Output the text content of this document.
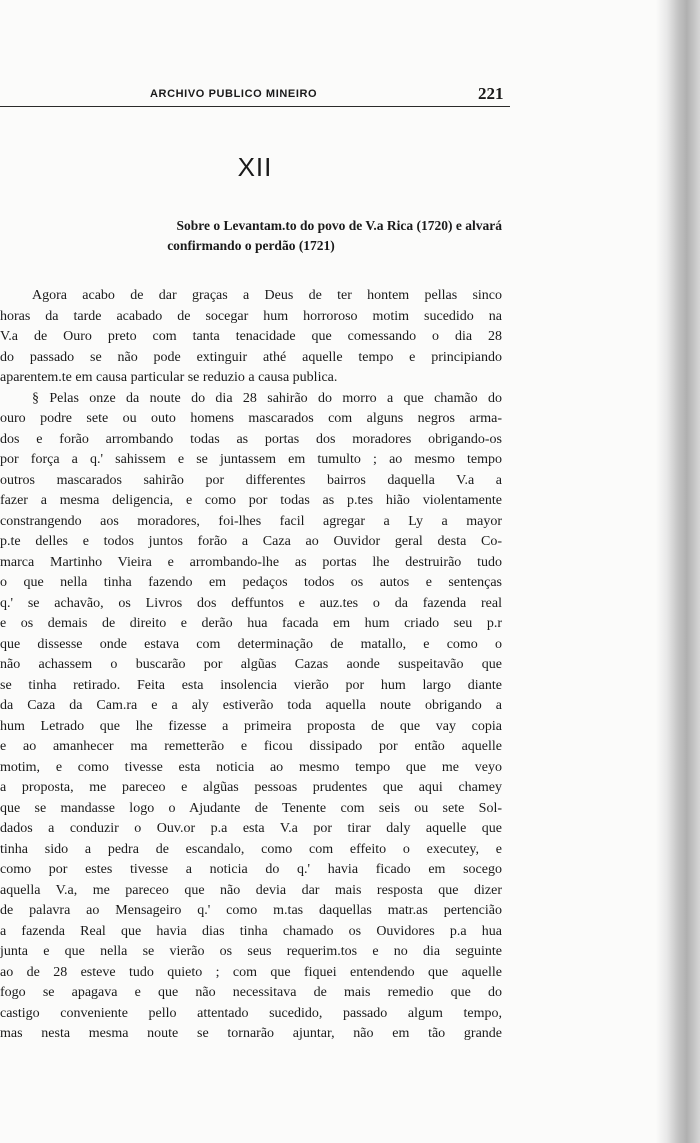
ARCHIVO PUBLICO MINEIRO	221
XII
Sobre o Levantam.to do povo de V.a Rica (1720) e alvará
confirmando o perdão (1721)
Agora acabo de dar graças a Deus de ter hontem pellas sinco
horas da tarde acabado de socegar hum horroroso motim sucedido na
V.a de Ouro preto com tanta tenacidade que comessando o dia 28
do passado se não pode extinguir athé aquelle tempo e principiando
aparentem.te em causa particular se reduzio a causa publica.
§ Pelas onze da noute do dia 28 sahirão do morro a que chamão do
ouro podre sete ou outo homens mascarados com alguns negros arma-
dos e forão arrombando todas as portas dos moradores obrigando-os
por força a q.' sahissem e se juntassem em tumulto ; ao mesmo tempo
outros mascarados sahirão por differentes bairros daquella V.a a
fazer a mesma deligencia, e como por todas as p.tes hião violentamente
constrangendo aos moradores, foi-lhes facil agregar a Ly a mayor
p.te delles e todos juntos forão a Caza ao Ouvidor geral desta Co-
marca Martinho Vieira e arrombando-lhe as portas lhe destruirão tudo
o que nella tinha fazendo em pedaços todos os autos e sentenças
q.' se achavão, os Livros dos deffuntos e auz.tes o da fazenda real
e os demais de direito e derão hua facada em hum criado seu p.r
que dissesse onde estava com determinação de matallo, e como o
não achassem o buscarão por algũas Cazas aonde suspeitavão que
se tinha retirado. Feita esta insolencia vierão por hum largo diante
da Caza da Cam.ra e a aly estiverão toda aquella noute obrigando a
hum Letrado que lhe fizesse a primeira proposta de que vay copia
e ao amanhecer ma remetterão e ficou dissipado por então aquelle
motim, e como tivesse esta noticia ao mesmo tempo que me veyo
a proposta, me pareceo e algũas pessoas prudentes que aqui chamey
que se mandasse logo o Ajudante de Tenente com seis ou sete Sol-
dados a conduzir o Ouv.or p.a esta V.a por tirar daly aquelle que
tinha sido a pedra de escandalo, como com effeito o executey, e
como por estes tivesse a noticia do q.' havia ficado em socego
aquella V.a, me pareceo que não devia dar mais resposta que dizer
de palavra ao Mensageiro q.' como m.tas daquellas matr.as pertencião
a fazenda Real que havia dias tinha chamado os Ouvidores p.a hua
junta e que nella se vierão os seus requerim.tos e no dia seguinte
ao de 28 esteve tudo quieto ; com que fiquei entendendo que aquelle
fogo se apagava e que não necessitava de mais remedio que do
castigo conveniente pello attentado sucedido, passado algum tempo,
mas nesta mesma noute se tornarão ajuntar, não em tão grande
